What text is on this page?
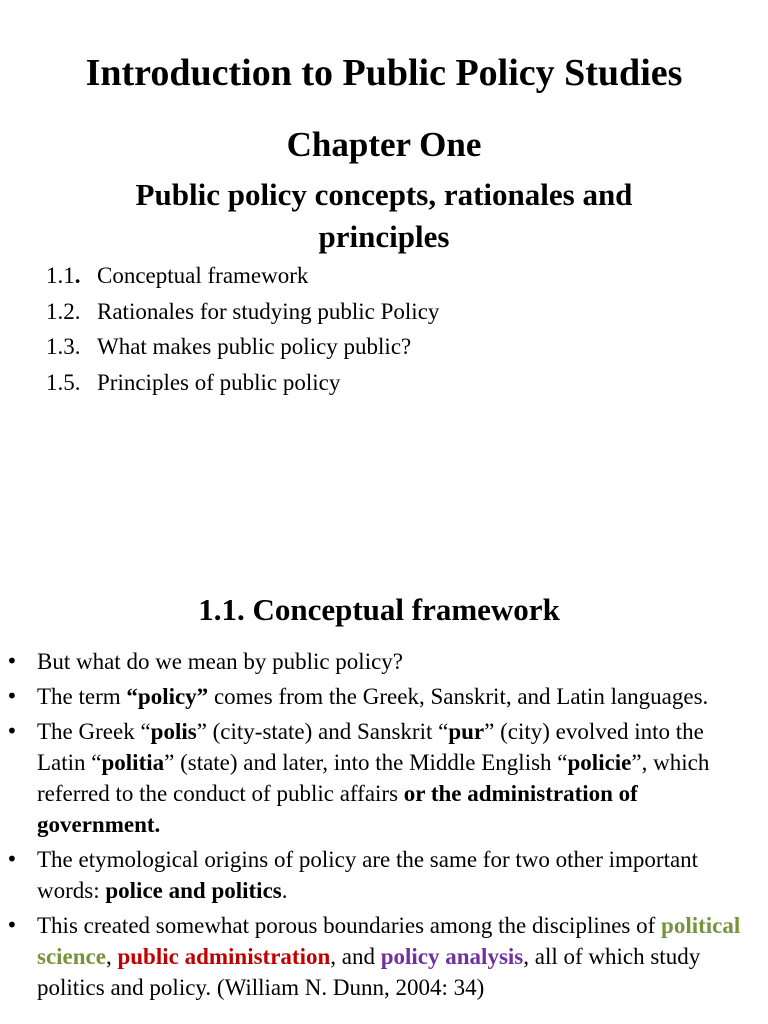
Introduction to Public Policy Studies
Chapter One
Public policy concepts, rationales and principles
1.1. Conceptual framework
1.2. Rationales for studying public Policy
1.3. What makes public policy public?
1.5. Principles of public policy
1.1. Conceptual framework
• But what do we mean by public policy?
• The term “policy” comes from the Greek, Sanskrit, and Latin languages.
• The Greek “polis” (city-state) and Sanskrit “pur” (city) evolved into the Latin “politia” (state) and later, into the Middle English “policie”, which referred to the conduct of public affairs or the administration of government.
• The etymological origins of policy are the same for two other important words: police and politics.
• This created somewhat porous boundaries among the disciplines of political science, public administration, and policy analysis, all of which study politics and policy. (William N. Dunn, 2004: 34)
